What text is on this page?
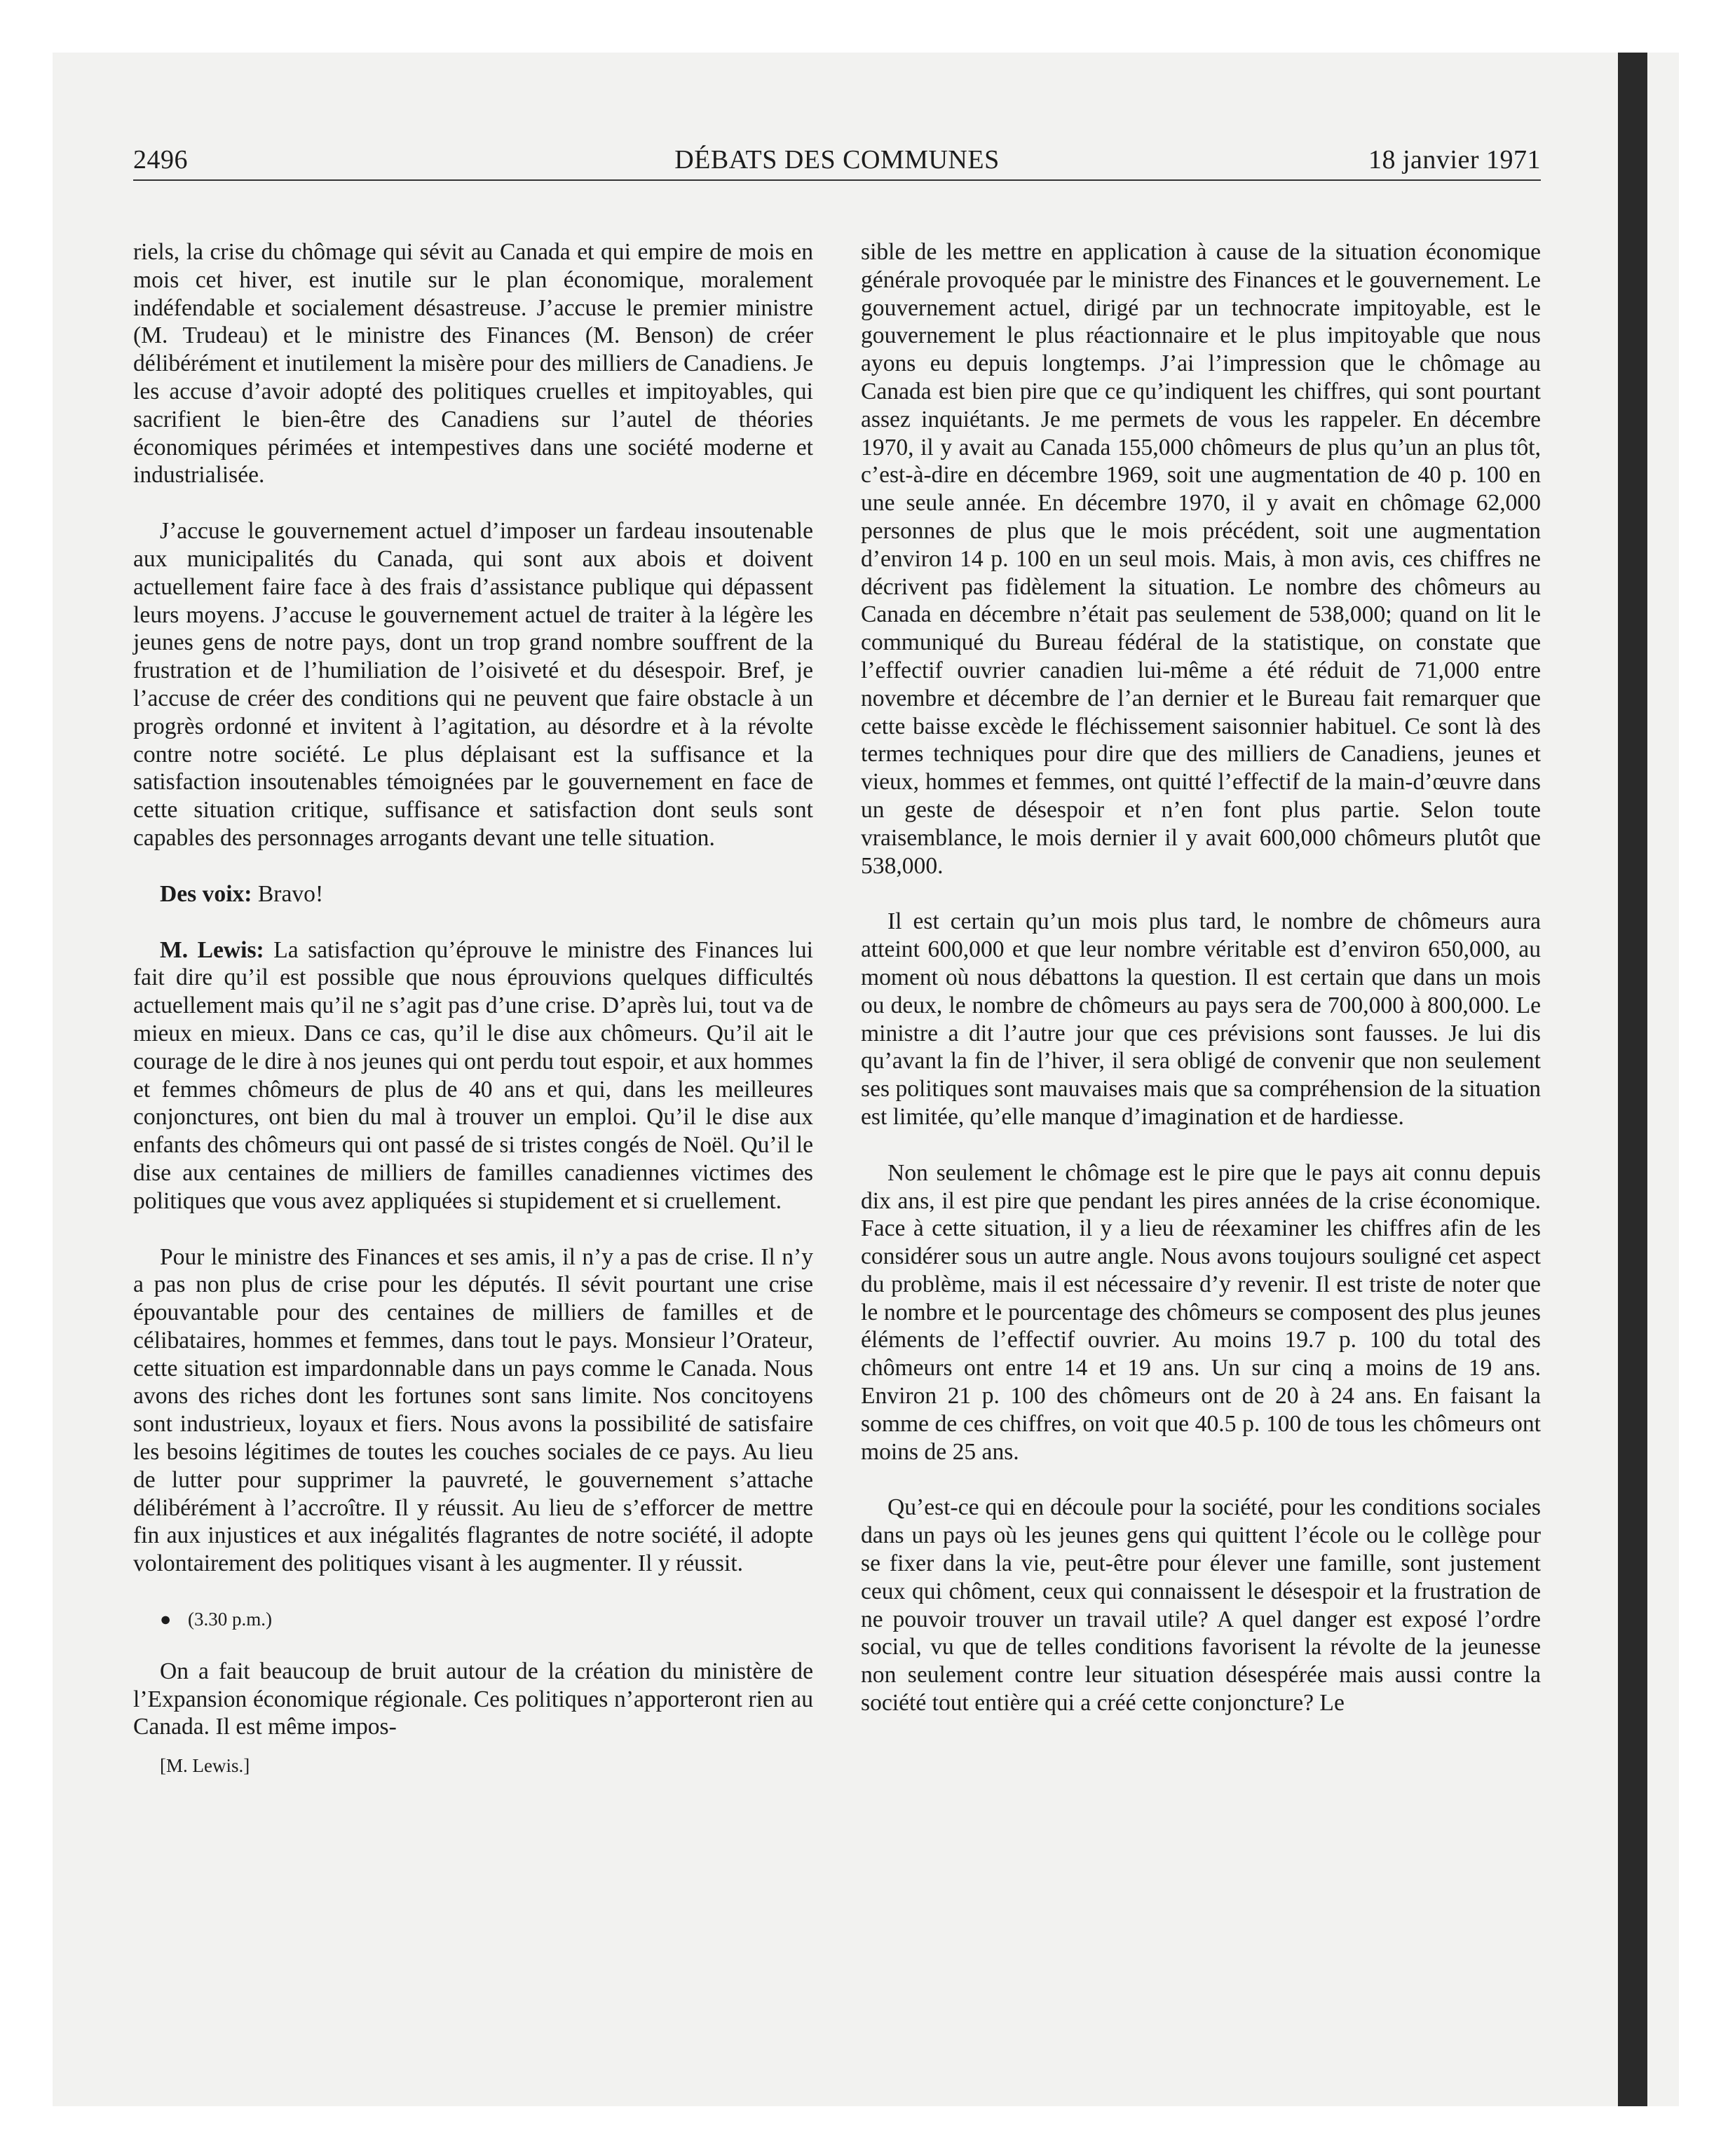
2496	DÉBATS DES COMMUNES	18 janvier 1971

riels, la crise du chômage qui sévit au Canada et qui empire de mois en mois cet hiver, est inutile sur le plan économique, moralement indéfendable et socialement désastreuse. J’accuse le premier ministre (M. Trudeau) et le ministre des Finances (M. Benson) de créer délibérément et inutilement la misère pour des milliers de Canadiens. Je les accuse d’avoir adopté des politiques cruelles et impitoyables, qui sacrifient le bien-être des Canadiens sur l’autel de théories économiques périmées et intempestives dans une société moderne et industrialisée.

J’accuse le gouvernement actuel d’imposer un fardeau insoutenable aux municipalités du Canada, qui sont aux abois et doivent actuellement faire face à des frais d’assistance publique qui dépassent leurs moyens. J’accuse le gouvernement actuel de traiter à la légère les jeunes gens de notre pays, dont un trop grand nombre souffrent de la frustration et de l’humiliation de l’oisiveté et du désespoir. Bref, je l’accuse de créer des conditions qui ne peuvent que faire obstacle à un progrès ordonné et invitent à l’agitation, au désordre et à la révolte contre notre société. Le plus déplaisant est la suffisance et la satisfaction insoutenables témoignées par le gouvernement en face de cette situation critique, suffisance et satisfaction dont seuls sont capables des personnages arrogants devant une telle situation.

Des voix: Bravo!

M. Lewis: La satisfaction qu’éprouve le ministre des Finances lui fait dire qu’il est possible que nous éprouvions quelques difficultés actuellement mais qu’il ne s’agit pas d’une crise. D’après lui, tout va de mieux en mieux. Dans ce cas, qu’il le dise aux chômeurs. Qu’il ait le courage de le dire à nos jeunes qui ont perdu tout espoir, et aux hommes et femmes chômeurs de plus de 40 ans et qui, dans les meilleures conjonctures, ont bien du mal à trouver un emploi. Qu’il le dise aux enfants des chômeurs qui ont passé de si tristes congés de Noël. Qu’il le dise aux centaines de milliers de familles canadiennes victimes des politiques que vous avez appliquées si stupidement et si cruellement.

Pour le ministre des Finances et ses amis, il n’y a pas de crise. Il n’y a pas non plus de crise pour les députés. Il sévit pourtant une crise épouvantable pour des centaines de milliers de familles et de célibataires, hommes et femmes, dans tout le pays. Monsieur l’Orateur, cette situation est impardonnable dans un pays comme le Canada. Nous avons des riches dont les fortunes sont sans limite. Nos concitoyens sont industrieux, loyaux et fiers. Nous avons la possibilité de satisfaire les besoins légitimes de toutes les couches sociales de ce pays. Au lieu de lutter pour supprimer la pauvreté, le gouvernement s’attache délibérément à l’accroître. Il y réussit. Au lieu de s’efforcer de mettre fin aux injustices et aux inégalités flagrantes de notre société, il adopte volontairement des politiques visant à les augmenter. Il y réussit.

● (3.30 p.m.)

On a fait beaucoup de bruit autour de la création du ministère de l’Expansion économique régionale. Ces politiques n’apporteront rien au Canada. Il est même impos-

[M. Lewis.]

sible de les mettre en application à cause de la situation économique générale provoquée par le ministre des Finances et le gouvernement. Le gouvernement actuel, dirigé par un technocrate impitoyable, est le gouvernement le plus réactionnaire et le plus impitoyable que nous ayons eu depuis longtemps. J’ai l’impression que le chômage au Canada est bien pire que ce qu’indiquent les chiffres, qui sont pourtant assez inquiétants. Je me permets de vous les rappeler. En décembre 1970, il y avait au Canada 155,000 chômeurs de plus qu’un an plus tôt, c’est-à-dire en décembre 1969, soit une augmentation de 40 p. 100 en une seule année. En décembre 1970, il y avait en chômage 62,000 personnes de plus que le mois précédent, soit une augmentation d’environ 14 p. 100 en un seul mois. Mais, à mon avis, ces chiffres ne décrivent pas fidèlement la situation. Le nombre des chômeurs au Canada en décembre n’était pas seulement de 538,000; quand on lit le communiqué du Bureau fédéral de la statistique, on constate que l’effectif ouvrier canadien lui-même a été réduit de 71,000 entre novembre et décembre de l’an dernier et le Bureau fait remarquer que cette baisse excède le fléchissement saisonnier habituel. Ce sont là des termes techniques pour dire que des milliers de Canadiens, jeunes et vieux, hommes et femmes, ont quitté l’effectif de la main-d’œuvre dans un geste de désespoir et n’en font plus partie. Selon toute vraisemblance, le mois dernier il y avait 600,000 chômeurs plutôt que 538,000.

Il est certain qu’un mois plus tard, le nombre de chômeurs aura atteint 600,000 et que leur nombre véritable est d’environ 650,000, au moment où nous débattons la question. Il est certain que dans un mois ou deux, le nombre de chômeurs au pays sera de 700,000 à 800,000. Le ministre a dit l’autre jour que ces prévisions sont fausses. Je lui dis qu’avant la fin de l’hiver, il sera obligé de convenir que non seulement ses politiques sont mauvaises mais que sa compréhension de la situation est limitée, qu’elle manque d’imagination et de hardiesse.

Non seulement le chômage est le pire que le pays ait connu depuis dix ans, il est pire que pendant les pires années de la crise économique. Face à cette situation, il y a lieu de réexaminer les chiffres afin de les considérer sous un autre angle. Nous avons toujours souligné cet aspect du problème, mais il est nécessaire d’y revenir. Il est triste de noter que le nombre et le pourcentage des chômeurs se composent des plus jeunes éléments de l’effectif ouvrier. Au moins 19.7 p. 100 du total des chômeurs ont entre 14 et 19 ans. Un sur cinq a moins de 19 ans. Environ 21 p. 100 des chômeurs ont de 20 à 24 ans. En faisant la somme de ces chiffres, on voit que 40.5 p. 100 de tous les chômeurs ont moins de 25 ans.

Qu’est-ce qui en découle pour la société, pour les conditions sociales dans un pays où les jeunes gens qui quittent l’école ou le collège pour se fixer dans la vie, peut-être pour élever une famille, sont justement ceux qui chôment, ceux qui connaissent le désespoir et la frustration de ne pouvoir trouver un travail utile? A quel danger est exposé l’ordre social, vu que de telles conditions favorisent la révolte de la jeunesse non seulement contre leur situation désespérée mais aussi contre la société tout entière qui a créé cette conjoncture? Le
